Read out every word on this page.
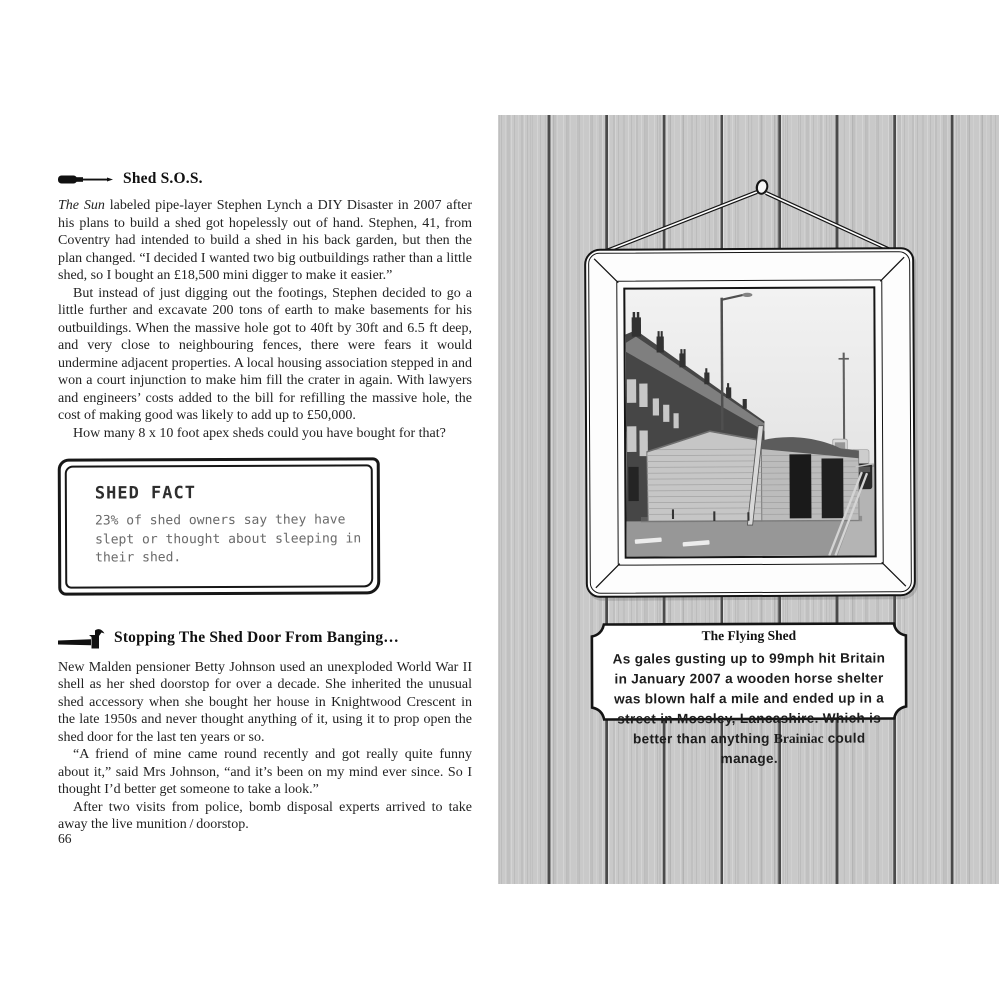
Shed S.O.S.

The Sun labeled pipe-layer Stephen Lynch a DIY Disaster in 2007 after his plans to build a shed got hopelessly out of hand. Stephen, 41, from Coventry had intended to build a shed in his back garden, but then the plan changed. “I decided I wanted two big outbuildings rather than a little shed, so I bought an £18,500 mini digger to make it easier.”

But instead of just digging out the footings, Stephen decided to go a little further and excavate 200 tons of earth to make basements for his outbuildings. When the massive hole got to 40ft by 30ft and 6.5 ft deep, and very close to neighbouring fences, there were fears it would undermine adjacent properties. A local housing association stepped in and won a court injunction to make him fill the crater in again. With lawyers and engineers’ costs added to the bill for refilling the massive hole, the cost of making good was likely to add up to £50,000.

How many 8 x 10 foot apex sheds could you have bought for that?

SHED FACT

23% of shed owners say they have slept or thought about sleeping in their shed.

Stopping The Shed Door From Banging…

New Malden pensioner Betty Johnson used an unexploded World War II shell as her shed doorstop for over a decade. She inherited the unusual shed accessory when she bought her house in Knightwood Crescent in the late 1950s and never thought anything of it, using it to prop open the shed door for the last ten years or so.

“A friend of mine came round recently and got really quite funny about it,” said Mrs Johnson, “and it’s been on my mind ever since. So I thought I’d better get someone to take a look.”

After two visits from police, bomb disposal experts arrived to take away the live munition / doorstop.

66

The Flying Shed

As gales gusting up to 99mph hit Britain in January 2007 a wooden horse shelter was blown half a mile and ended up in a street in Mossley, Lancashire. Which is better than anything Brainiac could manage.
